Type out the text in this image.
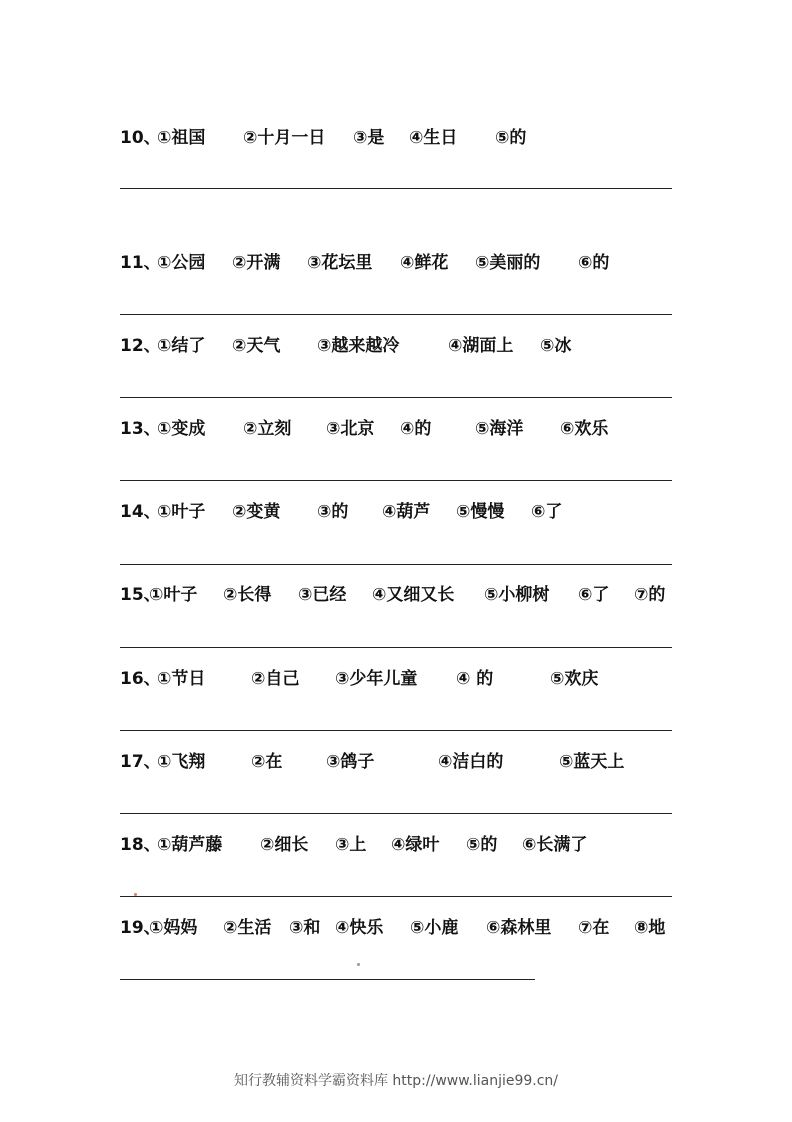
10、
①祖国 ②十月一日 ③是 ④生日 ⑤的
11、
①公园 ②开满 ③花坛里 ④鲜花 ⑤美丽的 ⑥的
12、
①结了 ②天气 ③越来越冷	④湖面上 ⑤冰
13、
①变成 ②立刻 ③北京 ④的	⑤海洋 ⑥欢乐
14、
①叶子 ②变黄 ③的 ④葫芦 ⑤慢慢 ⑥了
15、
①叶子 ②长得 ③已经 ④又细又长 ⑤小柳树 ⑥了 ⑦的
16、
①节日	②自己 ③少年儿童 ④ 的	⑤欢庆
17、
①飞翔	②在	③鸽子	④洁白的	⑤蓝天上
18、
①葫芦藤 ②细长 ③上 ④绿叶 ⑤的 ⑥长满了
19、
①妈妈 ②生活 ③和 ④快乐 ⑤小鹿 ⑥森林里 ⑦在 ⑧地
知行教辅资料学霸资料库 http://www.lianjie99.cn/
